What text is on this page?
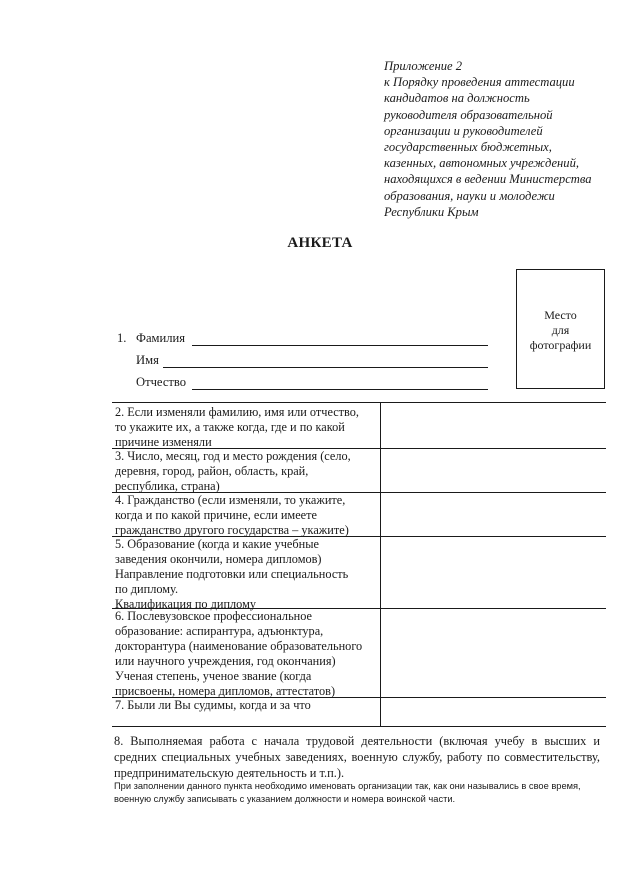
Приложение 2
к Порядку проведения аттестации
кандидатов на должность
руководителя образовательной
организации и руководителей
государственных бюджетных,
казенных, автономных учреждений,
находящихся в ведении Министерства
образования, науки и молодежи
Республики Крым
АНКЕТА
Место
для
фотографии
1. Фамилия
Имя
Отчество
2. Если изменяли фамилию, имя или отчество,
то укажите их, а также когда, где и по какой
причине изменяли
3. Число, месяц, год и место рождения (село,
деревня, город, район, область, край,
республика, страна)
4. Гражданство (если изменяли, то укажите,
когда и по какой причине, если имеете
гражданство другого государства – укажите)
5. Образование (когда и какие учебные
заведения окончили, номера дипломов)
Направление подготовки или специальность
по диплому.
Квалификация по диплому
6. Послевузовское профессиональное
образование: аспирантура, адъюнктура,
докторантура (наименование образовательного
или научного учреждения, год окончания)
Ученая степень, ученое звание (когда
присвоены, номера дипломов, аттестатов)
7. Были ли Вы судимы, когда и за что
8. Выполняемая работа с начала трудовой деятельности (включая учебу в высших и
средних специальных учебных заведениях, военную службу, работу по совместительству,
предпринимательскую деятельность и т.п.).
При заполнении данного пункта необходимо именовать организации так, как они назывались в свое время,
военную службу записывать с указанием должности и номера воинской части.
